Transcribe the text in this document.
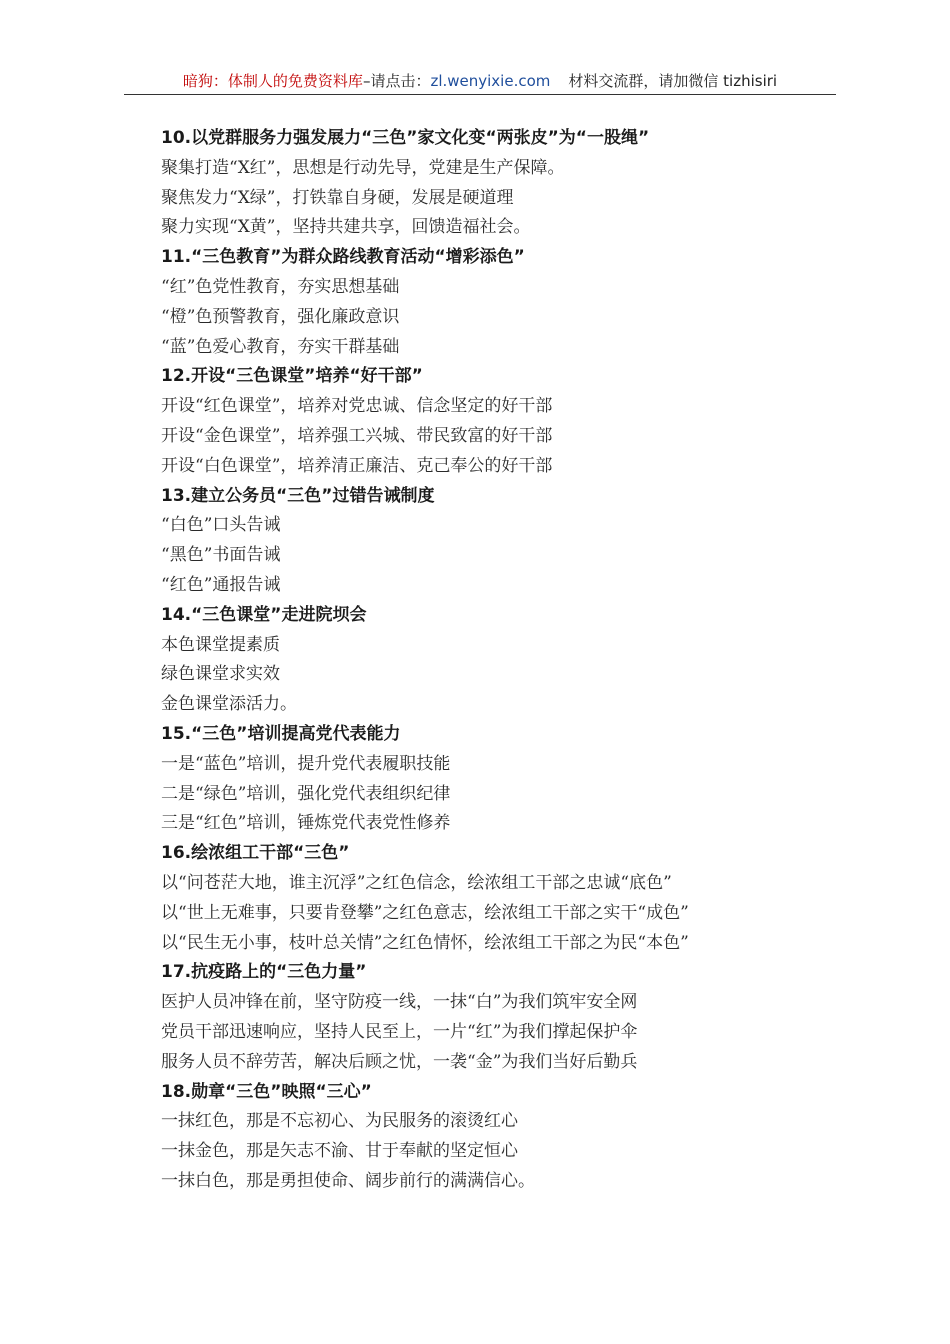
暗狗：体制人的免费资料库–请点击：zl.wenyixie.com 材料交流群，请加微信 tizhisiri
10.以党群服务力强发展力“三色”家文化变“两张皮”为“一股绳”
聚集打造“X红”，思想是行动先导，党建是生产保障。
聚焦发力“X绿”，打铁靠自身硬，发展是硬道理
聚力实现“X黄”，坚持共建共享，回馈造福社会。
11.“三色教育”为群众路线教育活动“增彩添色”
“红”色党性教育，夯实思想基础
“橙”色预警教育，强化廉政意识
“蓝”色爱心教育，夯实干群基础
12.开设“三色课堂”培养“好干部”
开设“红色课堂”，培养对党忠诚、信念坚定的好干部
开设“金色课堂”，培养强工兴城、带民致富的好干部
开设“白色课堂”，培养清正廉洁、克己奉公的好干部
13.建立公务员“三色”过错告诫制度
“白色”口头告诫
“黑色”书面告诫
“红色”通报告诫
14.“三色课堂”走进院坝会
本色课堂提素质
绿色课堂求实效
金色课堂添活力。
15.“三色”培训提高党代表能力
一是“蓝色”培训，提升党代表履职技能
二是“绿色”培训，强化党代表组织纪律
三是“红色”培训，锤炼党代表党性修养
16.绘浓组工干部“三色”
以“问苍茫大地，谁主沉浮”之红色信念，绘浓组工干部之忠诚“底色”
以“世上无难事，只要肯登攀”之红色意志，绘浓组工干部之实干“成色”
以“民生无小事，枝叶总关情”之红色情怀，绘浓组工干部之为民“本色”
17.抗疫路上的“三色力量”
医护人员冲锋在前，坚守防疫一线，一抹“白”为我们筑牢安全网
党员干部迅速响应，坚持人民至上，一片“红”为我们撑起保护伞
服务人员不辞劳苦，解决后顾之忧，一袭“金”为我们当好后勤兵
18.勋章“三色”映照“三心”
一抹红色，那是不忘初心、为民服务的滚烫红心
一抹金色，那是矢志不渝、甘于奉献的坚定恒心
一抹白色，那是勇担使命、阔步前行的满满信心。
